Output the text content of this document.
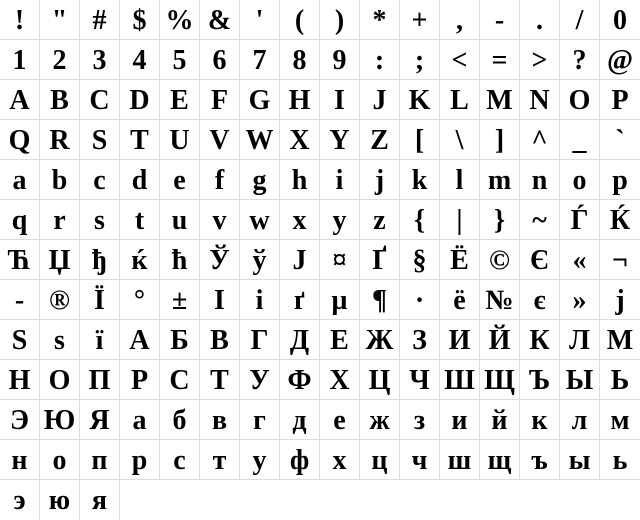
! " # $ % & '	(	)	* +	,	-	.	/	0
1 2 3 4 5 6 7 8 9	:	; < = > ? @
A B C D E F G H I J K L M N O P
Q R S T U V W X Y Z [	\	] ^ _	`
a b c d e	f	g h	i	j k	l m n o p
q r	s	t u v w x y z	{	|	} ~ Ѓ Ќ
Ћ Џ ђ ќ ћ Ў ў Ј ¤ Ґ § Ё © Є « ¬
- ® Ї	° ± І	і	ґ µ ¶ ·	ё № є »	ј
Ѕ ѕ	ї А Б В Г Д Е Ж З И Й К Л М
Н О П Р С Т У Ф Х Ц Ч Ш Щ Ъ Ы Ь
Э Ю Я а б в г д е ж з и й к л м
н о п р с т у ф х ц ч ш щ ъ ы ь
э ю я
